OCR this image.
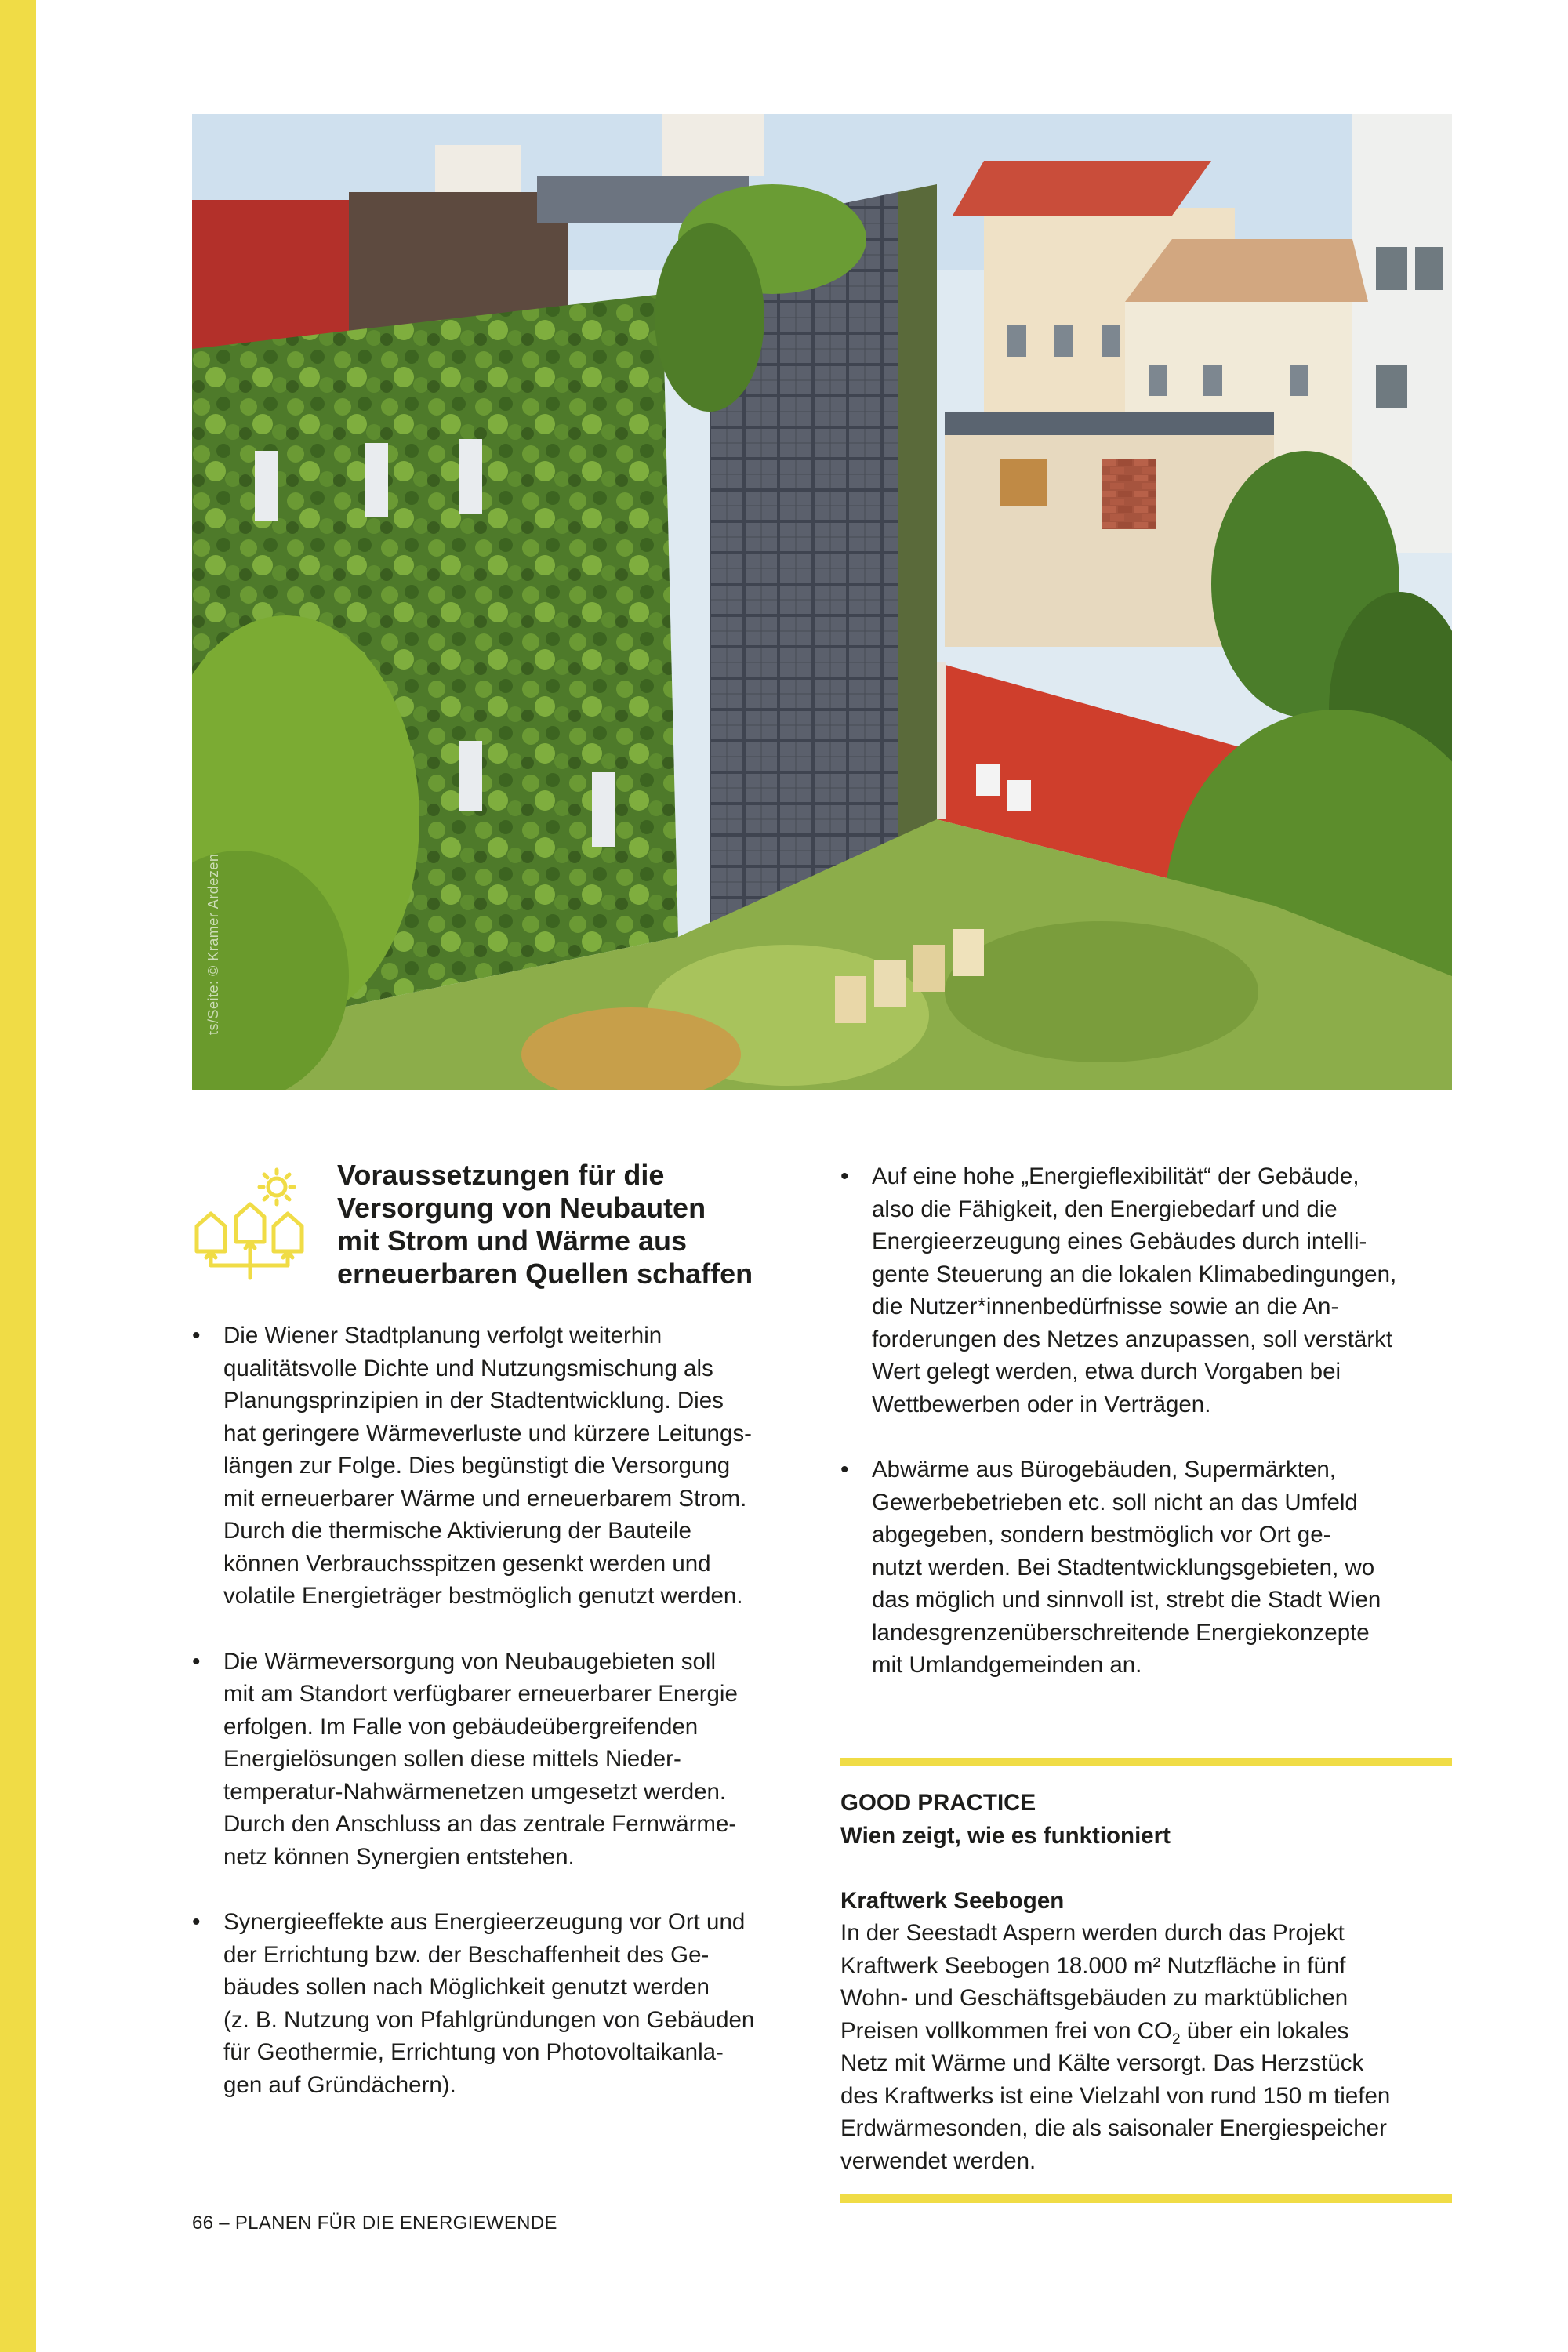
ts/Seite: © Kramer Ardezen
Voraussetzungen für die
Versorgung von Neubauten
mit Strom und Wärme aus
erneuerbaren Quellen schaffen
• Die Wiener Stadtplanung verfolgt weiterhin
qualitätsvolle Dichte und Nutzungsmischung als
Planungsprinzipien in der Stadtentwicklung. Dies
hat geringere Wärmeverluste und kürzere Leitungs-
längen zur Folge. Dies begünstigt die Versorgung
mit erneuerbarer Wärme und erneuerbarem Strom.
Durch die thermische Aktivierung der Bauteile
können Verbrauchsspitzen gesenkt werden und
volatile Energieträger bestmöglich genutzt werden.
• Die Wärmeversorgung von Neubaugebieten soll
mit am Standort verfügbarer erneuerbarer Energie
erfolgen. Im Falle von gebäudeübergreifenden
Energielösungen sollen diese mittels Nieder-
temperatur-Nahwärmenetzen umgesetzt werden.
Durch den Anschluss an das zentrale Fernwärme-
netz können Synergien entstehen.
• Synergieeffekte aus Energieerzeugung vor Ort und
der Errichtung bzw. der Beschaffenheit des Ge-
bäudes sollen nach Möglichkeit genutzt werden
(z. B. Nutzung von Pfahlgründungen von Gebäuden
für Geothermie, Errichtung von Photovoltaikanla-
gen auf Gründächern).
• Auf eine hohe „Energieflexibilität“ der Gebäude,
also die Fähigkeit, den Energiebedarf und die
Energieerzeugung eines Gebäudes durch intelli-
gente Steuerung an die lokalen Klimabedingungen,
die Nutzer*innenbedürfnisse sowie an die An-
forderungen des Netzes anzupassen, soll verstärkt
Wert gelegt werden, etwa durch Vorgaben bei
Wettbewerben oder in Verträgen.
• Abwärme aus Bürogebäuden, Supermärkten,
Gewerbebetrieben etc. soll nicht an das Umfeld
abgegeben, sondern bestmöglich vor Ort ge-
nutzt werden. Bei Stadtentwicklungsgebieten, wo
das möglich und sinnvoll ist, strebt die Stadt Wien
landesgrenzenüberschreitende Energiekonzepte
mit Umlandgemeinden an.
GOOD PRACTICE
Wien zeigt, wie es funktioniert
Kraftwerk Seebogen
In der Seestadt Aspern werden durch das Projekt
Kraftwerk Seebogen 18.000 m² Nutzfläche in fünf
Wohn- und Geschäftsgebäuden zu marktüblichen
Preisen vollkommen frei von $CO_2$ über ein lokales
Netz mit Wärme und Kälte versorgt. Das Herzstück
des Kraftwerks ist eine Vielzahl von rund 150 m tiefen
Erdwärmesonden, die als saisonaler Energiespeicher
verwendet werden.
66 – PLANEN FÜR DIE ENERGIEWENDE
